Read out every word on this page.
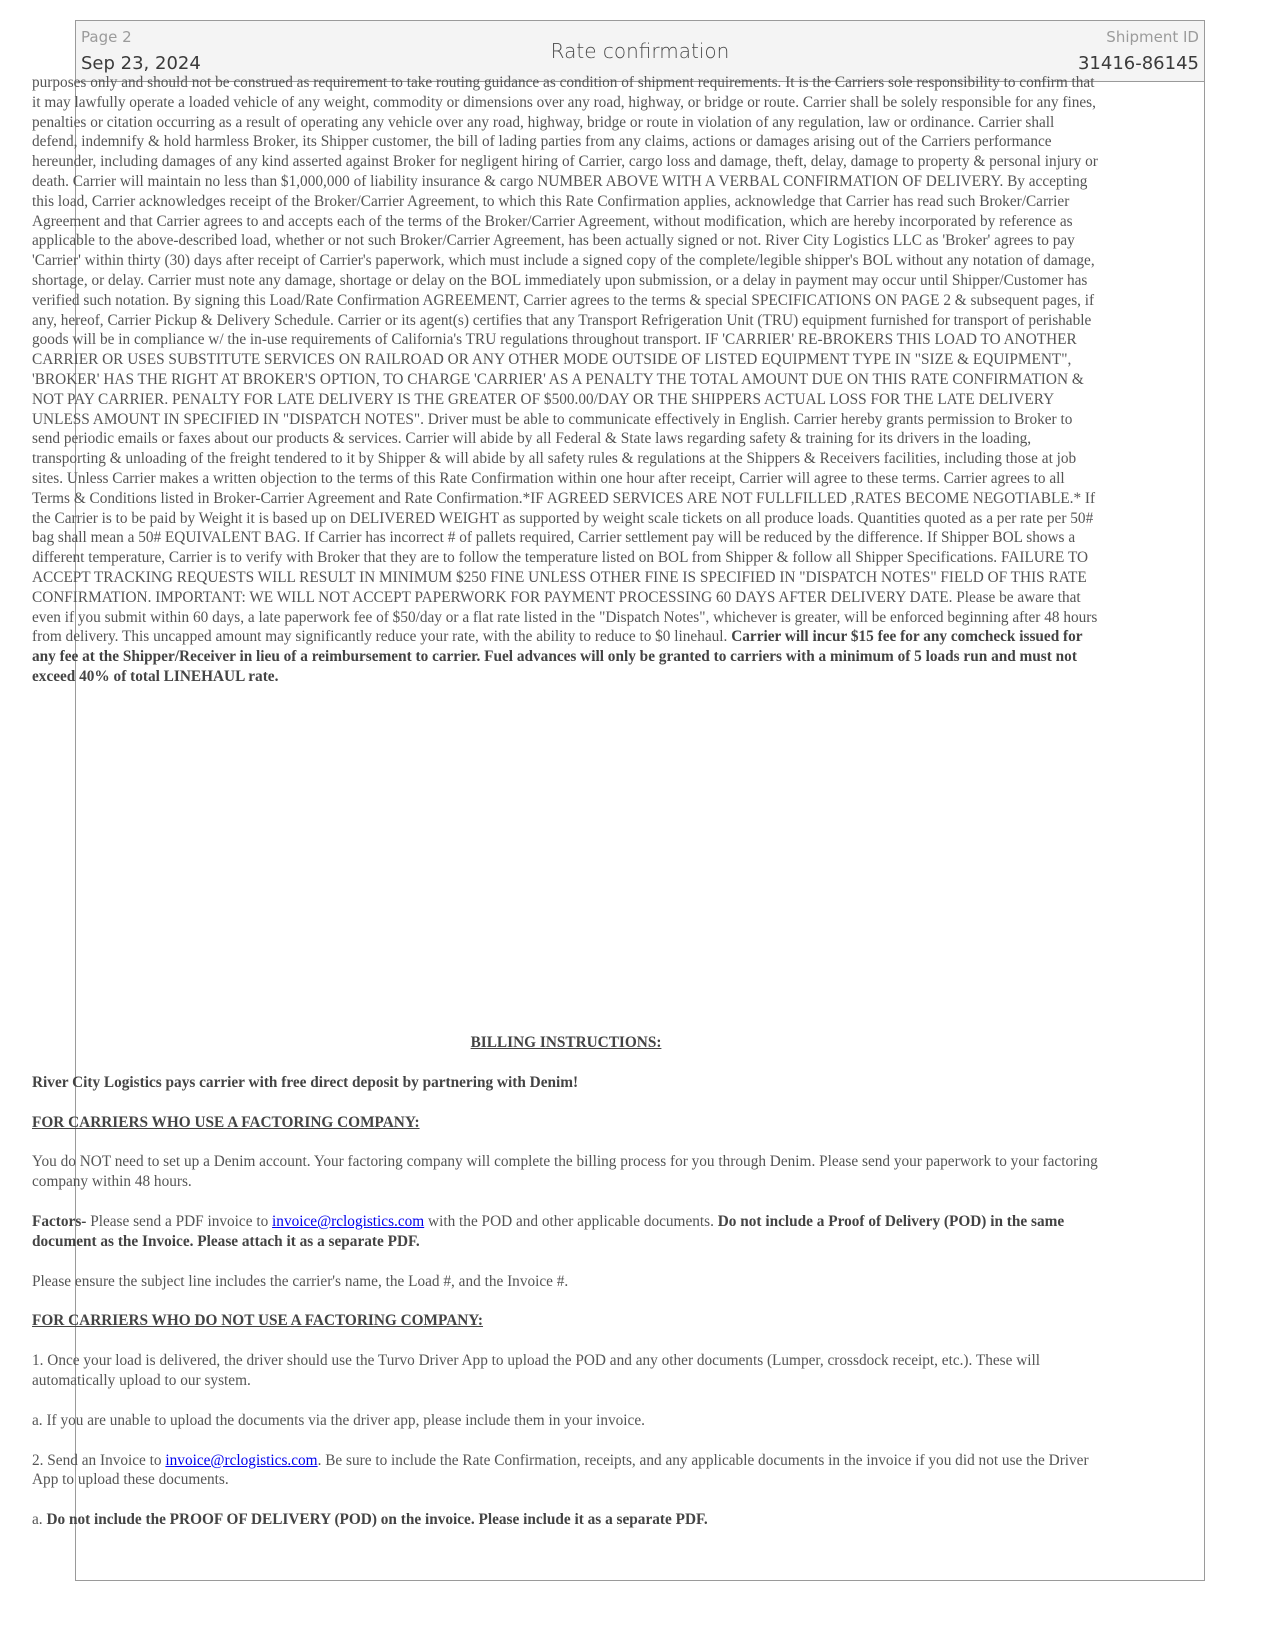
Page 2
Sep 23, 2024
Rate confirmation
Shipment ID
31416-86145

purposes only and should not be construed as requirement to take routing guidance as condition of shipment requirements. It is the Carriers sole responsibility to confirm that it may lawfully operate a loaded vehicle of any weight, commodity or dimensions over any road, highway, or bridge or route. Carrier shall be solely responsible for any fines, penalties or citation occurring as a result of operating any vehicle over any road, highway, bridge or route in violation of any regulation, law or ordinance. Carrier shall defend, indemnify & hold harmless Broker, its Shipper customer, the bill of lading parties from any claims, actions or damages arising out of the Carriers performance hereunder, including damages of any kind asserted against Broker for negligent hiring of Carrier, cargo loss and damage, theft, delay, damage to property & personal injury or death. Carrier will maintain no less than $1,000,000 of liability insurance & cargo NUMBER ABOVE WITH A VERBAL CONFIRMATION OF DELIVERY. By accepting this load, Carrier acknowledges receipt of the Broker/Carrier Agreement, to which this Rate Confirmation applies, acknowledge that Carrier has read such Broker/Carrier Agreement and that Carrier agrees to and accepts each of the terms of the Broker/Carrier Agreement, without modification, which are hereby incorporated by reference as applicable to the above-described load, whether or not such Broker/Carrier Agreement, has been actually signed or not. River City Logistics LLC as 'Broker' agrees to pay 'Carrier' within thirty (30) days after receipt of Carrier's paperwork, which must include a signed copy of the complete/legible shipper's BOL without any notation of damage, shortage, or delay. Carrier must note any damage, shortage or delay on the BOL immediately upon submission, or a delay in payment may occur until Shipper/Customer has verified such notation. By signing this Load/Rate Confirmation AGREEMENT, Carrier agrees to the terms & special SPECIFICATIONS ON PAGE 2 & subsequent pages, if any, hereof, Carrier Pickup & Delivery Schedule. Carrier or its agent(s) certifies that any Transport Refrigeration Unit (TRU) equipment furnished for transport of perishable goods will be in compliance w/ the in-use requirements of California's TRU regulations throughout transport. IF 'CARRIER' RE-BROKERS THIS LOAD TO ANOTHER CARRIER OR USES SUBSTITUTE SERVICES ON RAILROAD OR ANY OTHER MODE OUTSIDE OF LISTED EQUIPMENT TYPE IN "SIZE & EQUIPMENT", 'BROKER' HAS THE RIGHT AT BROKER'S OPTION, TO CHARGE 'CARRIER' AS A PENALTY THE TOTAL AMOUNT DUE ON THIS RATE CONFIRMATION & NOT PAY CARRIER. PENALTY FOR LATE DELIVERY IS THE GREATER OF $500.00/DAY OR THE SHIPPERS ACTUAL LOSS FOR THE LATE DELIVERY UNLESS AMOUNT IN SPECIFIED IN "DISPATCH NOTES". Driver must be able to communicate effectively in English. Carrier hereby grants permission to Broker to send periodic emails or faxes about our products & services. Carrier will abide by all Federal & State laws regarding safety & training for its drivers in the loading, transporting & unloading of the freight tendered to it by Shipper & will abide by all safety rules & regulations at the Shippers & Receivers facilities, including those at job sites. Unless Carrier makes a written objection to the terms of this Rate Confirmation within one hour after receipt, Carrier will agree to these terms. Carrier agrees to all Terms & Conditions listed in Broker-Carrier Agreement and Rate Confirmation.*IF AGREED SERVICES ARE NOT FULLFILLED ,RATES BECOME NEGOTIABLE.* If the Carrier is to be paid by Weight it is based up on DELIVERED WEIGHT as supported by weight scale tickets on all produce loads. Quantities quoted as a per rate per 50# bag shall mean a 50# EQUIVALENT BAG. If Carrier has incorrect # of pallets required, Carrier settlement pay will be reduced by the difference. If Shipper BOL shows a different temperature, Carrier is to verify with Broker that they are to follow the temperature listed on BOL from Shipper & follow all Shipper Specifications. FAILURE TO ACCEPT TRACKING REQUESTS WILL RESULT IN MINIMUM $250 FINE UNLESS OTHER FINE IS SPECIFIED IN "DISPATCH NOTES" FIELD OF THIS RATE CONFIRMATION. IMPORTANT: WE WILL NOT ACCEPT PAPERWORK FOR PAYMENT PROCESSING 60 DAYS AFTER DELIVERY DATE. Please be aware that even if you submit within 60 days, a late paperwork fee of $50/day or a flat rate listed in the "Dispatch Notes", whichever is greater, will be enforced beginning after 48 hours from delivery. This uncapped amount may significantly reduce your rate, with the ability to reduce to $0 linehaul. Carrier will incur $15 fee for any comcheck issued for any fee at the Shipper/Receiver in lieu of a reimbursement to carrier. Fuel advances will only be granted to carriers with a minimum of 5 loads run and must not exceed 40% of total LINEHAUL rate.

BILLING INSTRUCTIONS:

River City Logistics pays carrier with free direct deposit by partnering with Denim!

FOR CARRIERS WHO USE A FACTORING COMPANY:

You do NOT need to set up a Denim account. Your factoring company will complete the billing process for you through Denim. Please send your paperwork to your factoring company within 48 hours.

Factors- Please send a PDF invoice to invoice@rclogistics.com with the POD and other applicable documents. Do not include a Proof of Delivery (POD) in the same document as the Invoice. Please attach it as a separate PDF.

Please ensure the subject line includes the carrier's name, the Load #, and the Invoice #.

FOR CARRIERS WHO DO NOT USE A FACTORING COMPANY:

1. Once your load is delivered, the driver should use the Turvo Driver App to upload the POD and any other documents (Lumper, crossdock receipt, etc.). These will automatically upload to our system.

a. If you are unable to upload the documents via the driver app, please include them in your invoice.

2. Send an Invoice to invoice@rclogistics.com. Be sure to include the Rate Confirmation, receipts, and any applicable documents in the invoice if you did not use the Driver App to upload these documents.

a. Do not include the PROOF OF DELIVERY (POD) on the invoice. Please include it as a separate PDF.
